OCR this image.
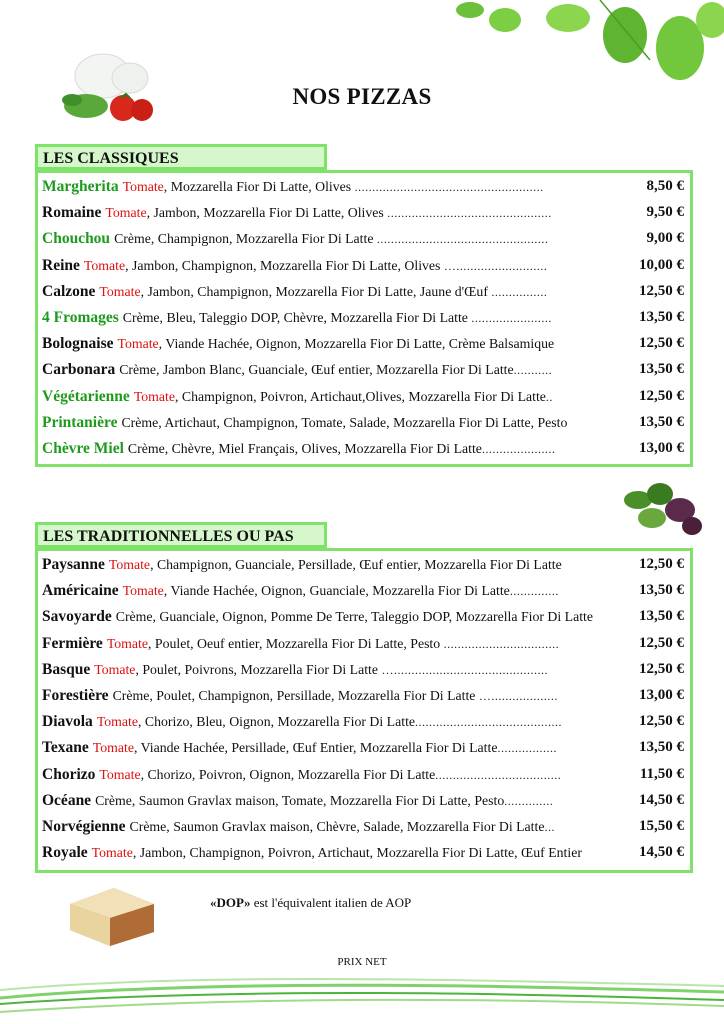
NOS PIZZAS
LES CLASSIQUES
Margherita Tomate, Mozzarella Fior Di Latte, Olives ......................................................	8,50 €
Romaine Tomate, Jambon, Mozzarella Fior Di Latte, Olives ...............................................	9,50 €
Chouchou Crème, Champignon, Mozzarella Fior Di Latte .................................................	9,00 €
Reine Tomate, Jambon, Champignon, Mozzarella Fior Di Latte, Olives …..........................	10,00 €
Calzone Tomate, Jambon, Champignon, Mozzarella Fior Di Latte, Jaune d'Œuf ................	12,50 €
4 Fromages Crème, Bleu, Taleggio DOP, Chèvre, Mozzarella Fior Di Latte .......................	13,50 €
Bolognaise Tomate, Viande Hachée, Oignon, Mozzarella Fior Di Latte, Crème Balsamique	12,50 €
Carbonara Crème, Jambon Blanc, Guanciale, Œuf entier, Mozzarella Fior Di Latte...........	13,50 €
Végétarienne Tomate, Champignon, Poivron, Artichaut,Olives, Mozzarella Fior Di Latte..	12,50 €
Printanière Crème, Artichaut, Champignon, Tomate, Salade, Mozzarella Fior Di Latte, Pesto	13,50 €
Chèvre Miel Crème, Chèvre, Miel Français, Olives, Mozzarella Fior Di Latte.....................	13,00 €
LES TRADITIONNELLES OU PAS
Paysanne Tomate, Champignon, Guanciale, Persillade, Œuf entier, Mozzarella Fior Di Latte	12,50 €
Américaine Tomate, Viande Hachée, Oignon, Guanciale, Mozzarella Fior Di Latte..............	13,50 €
Savoyarde Crème, Guanciale, Oignon, Pomme De Terre, Taleggio DOP, Mozzarella Fior Di Latte	13,50 €
Fermière Tomate, Poulet, Oeuf entier, Mozzarella Fior Di Latte, Pesto .................................	12,50 €
Basque Tomate, Poulet, Poivrons, Mozzarella Fior Di Latte …............................................	12,50 €
Forestière Crème, Poulet, Champignon, Persillade, Mozzarella Fior Di Latte …...................	13,00 €
Diavola Tomate, Chorizo, Bleu, Oignon, Mozzarella Fior Di Latte..........................................	12,50 €
Texane Tomate, Viande Hachée, Persillade, Œuf Entier, Mozzarella Fior Di Latte.................	13,50 €
Chorizo Tomate, Chorizo, Poivron, Oignon, Mozzarella Fior Di Latte....................................	11,50 €
Océane Crème, Saumon Gravlax maison, Tomate, Mozzarella Fior Di Latte, Pesto..............	14,50 €
Norvégienne Crème, Saumon Gravlax maison, Chèvre, Salade, Mozzarella Fior Di Latte...	15,50 €
Royale Tomate, Jambon, Champignon, Poivron, Artichaut, Mozzarella Fior Di Latte, Œuf Entier	14,50 €
«DOP» est l'équivalent italien de AOP
PRIX NET
